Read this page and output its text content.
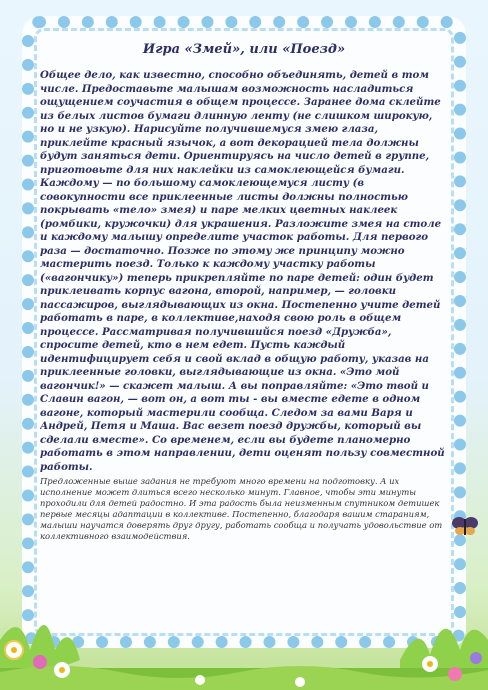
Игра «Змей», или «Поезд»

Общее дело, как известно, способно объединять, детей в том числе. Предоставьте малышам возможность насладиться ощущением соучастия в общем процессе. Заранее дома склейте из белых листов бумаги длинную ленту (не слишком широкую, но и не узкую). Нарисуйте получившемуся змею глаза, приклейте красный язычок, а вот декорацией тела должны будут заняться дети. Ориентируясь на число детей в группе, приготовьте для них наклейки из самоклеющейся бумаги. Каждому — по большому самоклеющемуся листу (в совокупности все приклеенные листы должны полностью покрывать «тело» змея) и паре мелких цветных наклеек (ромбики, кружочки) для украшения. Разложите змея на столе и каждому малышу определите участок работы. Для первого раза — достаточно. Позже по этому же принципу можно мастерить поезд. Только к каждому участку работы («вагончику») теперь прикрепляйте по паре детей: один будет приклеивать корпус вагона, второй, например, — головки пассажиров, выглядывающих из окна. Постепенно учите детей работать в паре, в коллективе,находя свою роль в общем процессе. Рассматривая получившийся поезд «Дружба», спросите детей, кто в нем едет. Пусть каждый идентифицирует себя и свой вклад в общую работу, указав на приклеенные головки, выглядывающие из окна. «Это мой вагончик!» — скажет малыш. А вы поправляйте: «Это твой и Славин вагон, — вот он, а вот ты - вы вместе едете в одном вагоне, который мастерили сообща. Следом за вами Варя и Андрей, Петя и Маша. Вас везет поезд дружбы, который вы сделали вместе». Со временем, если вы будете планомерно работать в этом направлении, дети оценят пользу совместной работы.

Предложенные выше задания не требуют много времени на подготовку. А их исполнение может длиться всего несколько минут. Главное, чтобы эти минуты проходили для детей радостно. И эта радость была неизменным спутником детишек первые месяцы адаптации в коллективе. Постепенно, благодаря вашим стараниям, малыши научатся доверять друг другу, работать сообща и получать удовольствие от коллективного взаимодействия.
